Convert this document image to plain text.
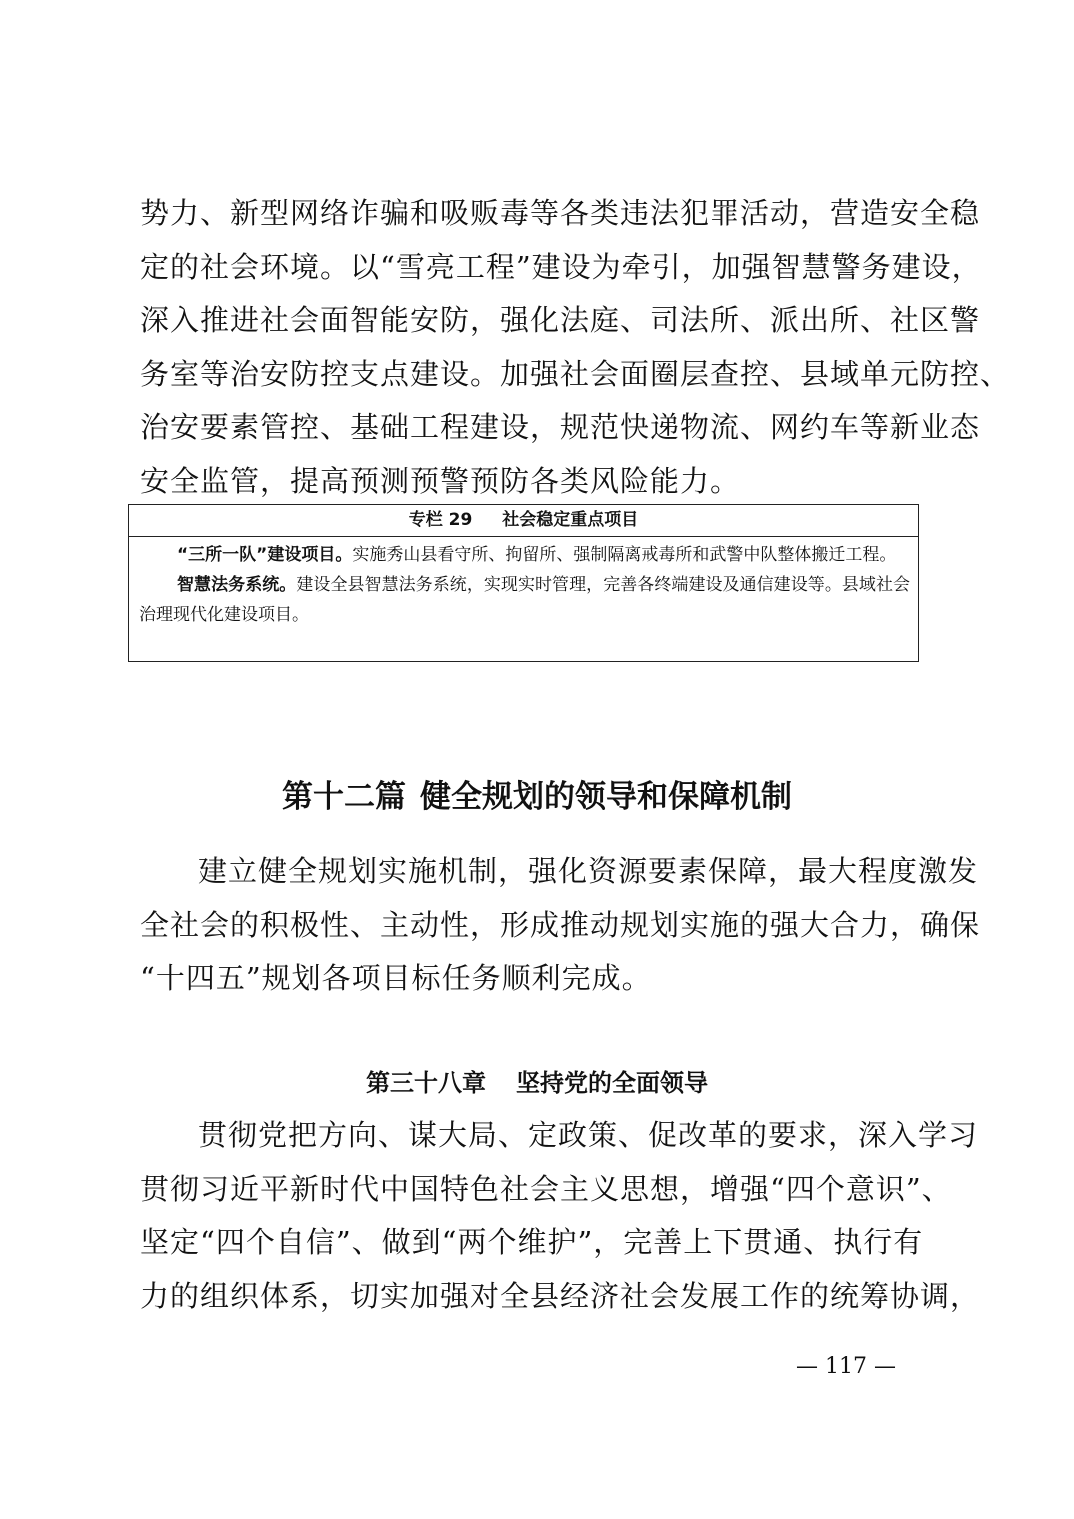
势力、新型网络诈骗和吸贩毒等各类违法犯罪活动，营造安全稳
定的社会环境。以“雪亮工程”建设为牵引，加强智慧警务建设，
深入推进社会面智能安防，强化法庭、司法所、派出所、社区警
务室等治安防控支点建设。加强社会面圈层查控、县域单元防控、
治安要素管控、基础工程建设，规范快递物流、网约车等新业态
安全监管，提高预测预警预防各类风险能力。
专栏 29 社会稳定重点项目
“三所一队”建设项目。实施秀山县看守所、拘留所、强制隔离戒毒所和武警中队整体搬迁工程。
智慧法务系统。建设全县智慧法务系统，实现实时管理，完善各终端建设及通信建设等。县域社会治理现代化建设项目。
第十二篇 健全规划的领导和保障机制
建立健全规划实施机制，强化资源要素保障，最大程度激发
全社会的积极性、主动性，形成推动规划实施的强大合力，确保
“十四五”规划各项目标任务顺利完成。
第三十八章 坚持党的全面领导
贯彻党把方向、谋大局、定政策、促改革的要求，深入学习
贯彻习近平新时代中国特色社会主义思想，增强“四个意识”、
坚定“四个自信”、做到“两个维护”，完善上下贯通、执行有
力的组织体系，切实加强对全县经济社会发展工作的统筹协调，
— 117 —
